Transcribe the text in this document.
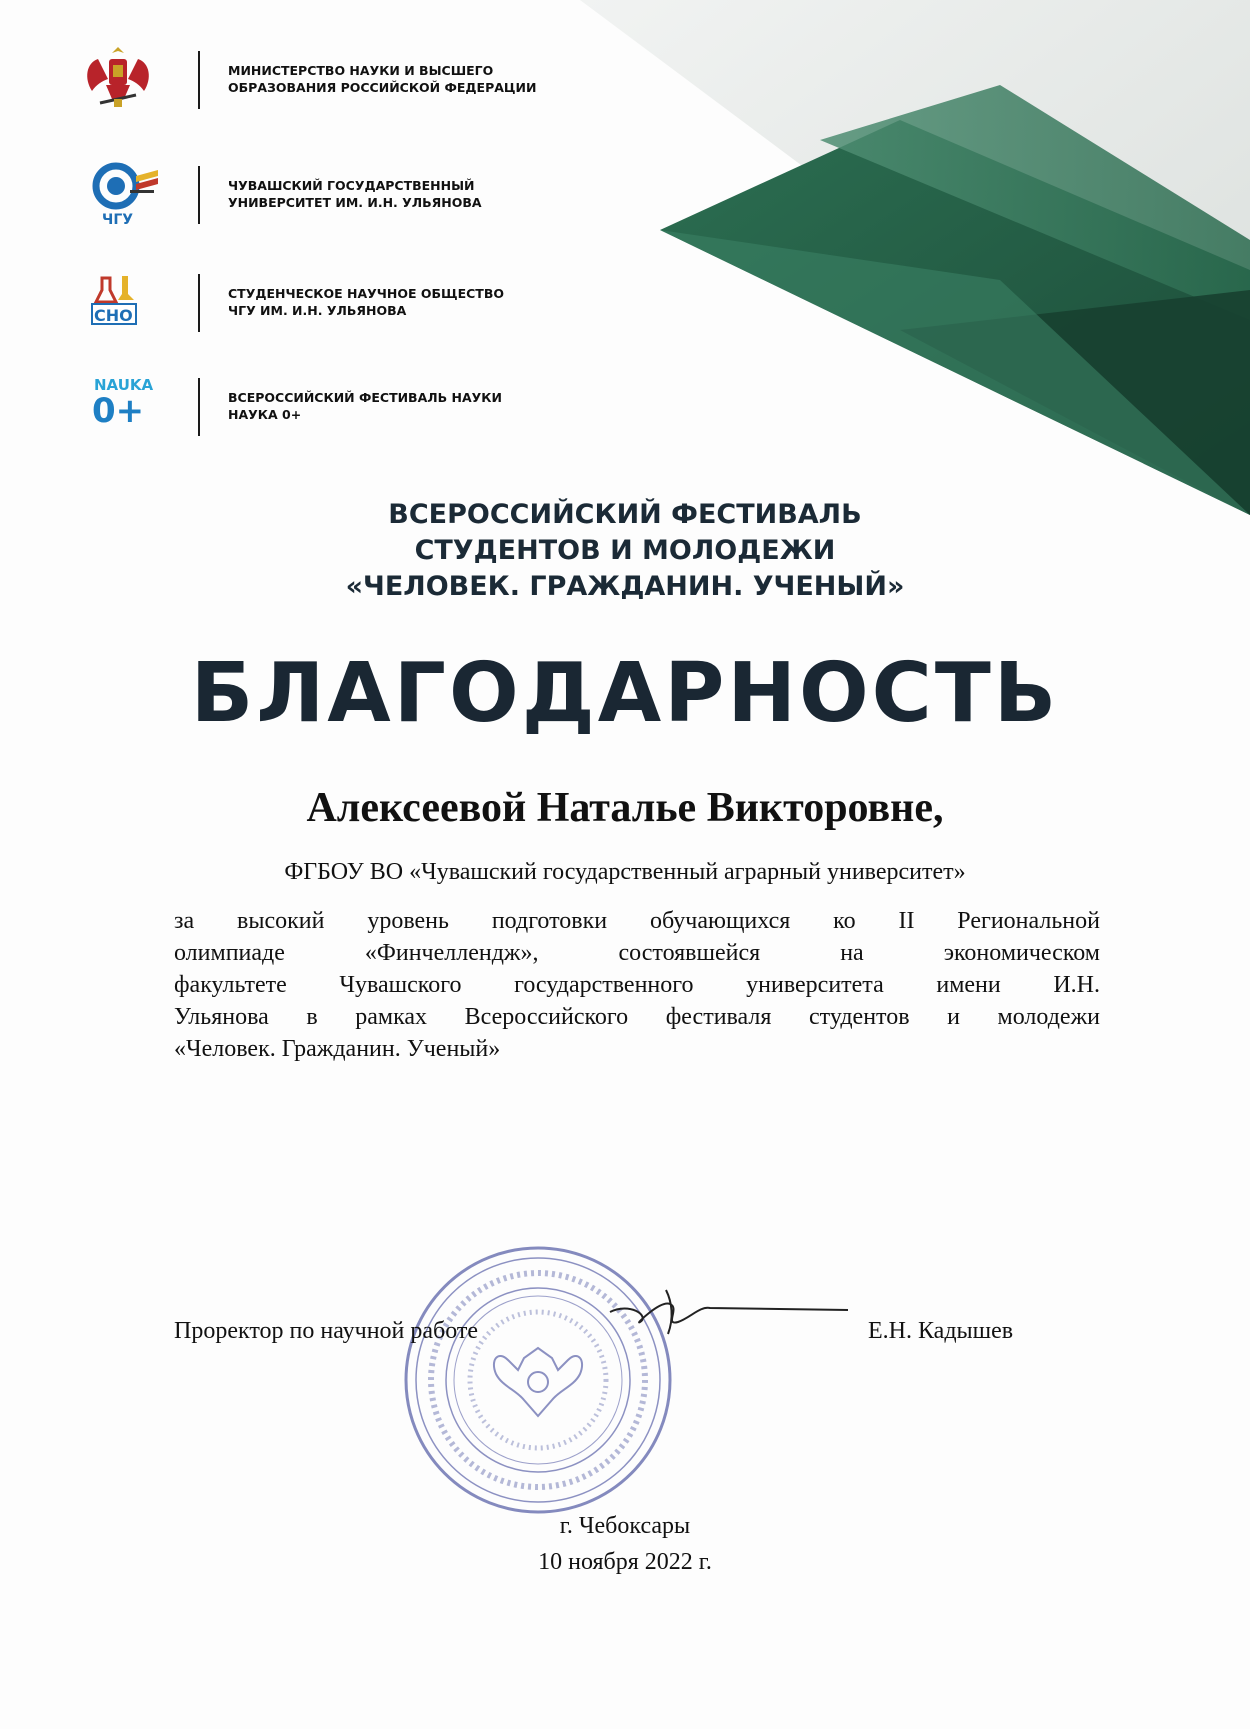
МИНИСТЕРСТВО НАУКИ И ВЫСШЕГО
ОБРАЗОВАНИЯ РОССИЙСКОЙ ФЕДЕРАЦИИ
ЧГУ
ЧУВАШСКИЙ ГОСУДАРСТВЕННЫЙ
УНИВЕРСИТЕТ ИМ. И.Н. УЛЬЯНОВА
СНО
СТУДЕНЧЕСКОЕ НАУЧНОЕ ОБЩЕСТВО
ЧГУ ИМ. И.Н. УЛЬЯНОВА
NAUKA
0+	ВСЕРОССИЙСКИЙ ФЕСТИВАЛЬ НАУКИ
НАУКА 0+
ВСЕРОССИЙСКИЙ ФЕСТИВАЛЬ
СТУДЕНТОВ И МОЛОДЕЖИ
«ЧЕЛОВЕК. ГРАЖДАНИН. УЧЕНЫЙ»
БЛАГОДАРНОСТЬ
Алексеевой Наталье Викторовне,
ФГБОУ ВО «Чувашский государственный аграрный университет»
за высокий уровень подготовки обучающихся ко II Региональной
олимпиаде «Финчеллендж», состоявшейся на экономическом
факультете Чувашского государственного университета имени И.Н.
Ульянова в рамках Всероссийского фестиваля студентов и молодежи
«Человек. Гражданин. Ученый»
Проректор по научной работе	Е.Н. Кадышев
г. Чебоксары
10 ноября 2022 г.
